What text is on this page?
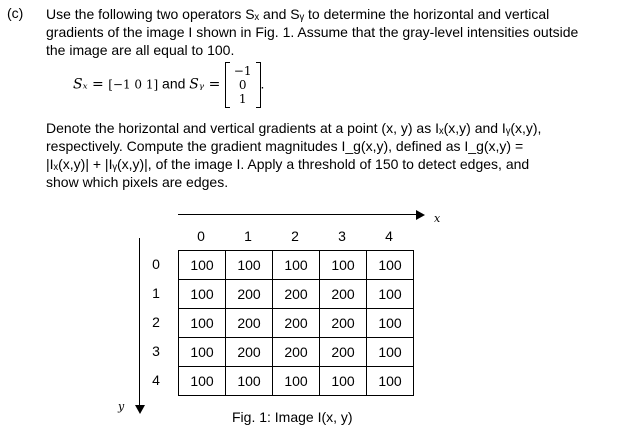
(c) Use the following two operators Sₓ and Sᵧ to determine the horizontal and vertical
gradients of the image I shown in Fig. 1. Assume that the gray-level intensities outside
the image are all equal to 100.
Sₓ = [−1 0 1] and Sᵧ = −1
0
1.
Denote the horizontal and vertical gradients at a point (x, y) as Iₓ(x,y) and Iᵧ(x,y),
respectively. Compute the gradient magnitudes I_g(x,y), defined as I_g(x,y) =
|Iₓ(x,y)| + |Iᵧ(x,y)|, of the image I. Apply a threshold of 150 to detect edges, and
show which pixels are edges.
x
y
0	1	2	3	4
0
1
2
3
4
100	100	100	100	100
100	200	200	200	100
100	200	200	200	100
100	200	200	200	100
100	100	100	100	100
Fig. 1: Image I(x, y)
